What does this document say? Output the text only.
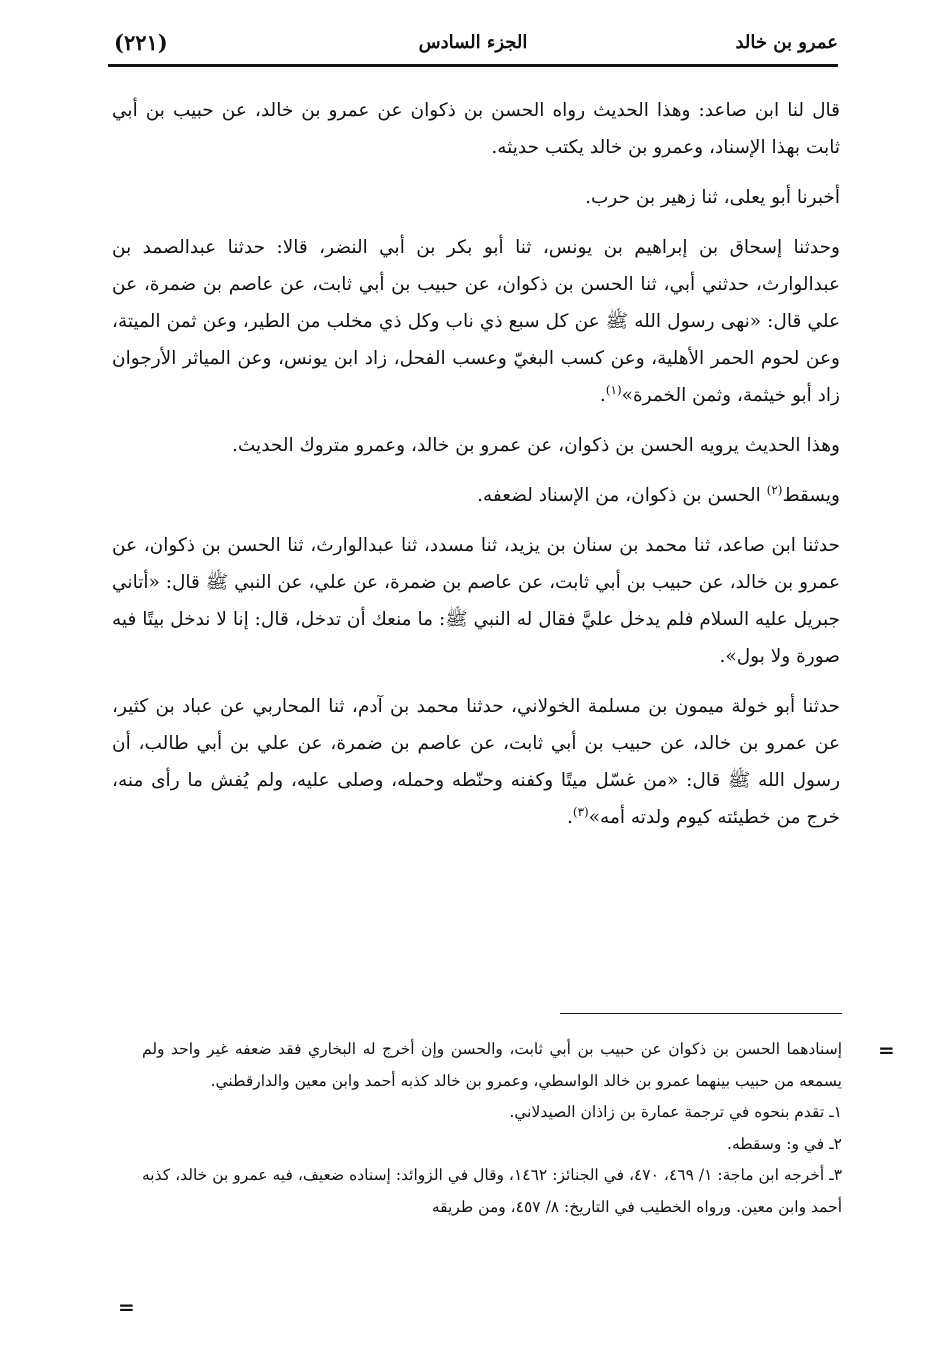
عمرو بن خالد
الجزء السادس
(٢٢١)

قال لنا ابن صاعد: وهذا الحديث رواه الحسن بن ذكوان عن عمرو بن خالد، عن حبيب بن أبي ثابت بهذا الإسناد، وعمرو بن خالد يكتب حديثه.

أخبرنا أبو يعلى، ثنا زهير بن حرب.

وحدثنا إسحاق بن إبراهيم بن يونس، ثنا أبو بكر بن أبي النضر، قالا: حدثنا عبدالصمد بن عبدالوارث، حدثني أبي، ثنا الحسن بن ذكوان، عن حبيب بن أبي ثابت، عن عاصم بن ضمرة، عن علي قال: «نهى رسول الله ﷺ عن كل سبع ذي ناب وكل ذي مخلب من الطير، وعن ثمن الميتة، وعن لحوم الحمر الأهلية، وعن كسب البغيّ وعسب الفحل، زاد ابن يونس، وعن المياثر الأرجوان زاد أبو خيثمة، وثمن الخمرة»$^{(١)}$.

وهذا الحديث يرويه الحسن بن ذكوان، عن عمرو بن خالد، وعمرو متروك الحديث.

ويسقط$^{(٢)}$ الحسن بن ذكوان، من الإسناد لضعفه.

حدثنا ابن صاعد، ثنا محمد بن سنان بن يزيد، ثنا مسدد، ثنا عبدالوارث، ثنا الحسن بن ذكوان، عن عمرو بن خالد، عن حبيب بن أبي ثابت، عن عاصم بن ضمرة، عن علي، عن النبي ﷺ قال: «أتاني جبريل عليه السلام فلم يدخل عليَّ فقال له النبي ﷺ: ما منعك أن تدخل، قال: إنا لا ندخل بيتًا فيه صورة ولا بول».

حدثنا أبو خولة ميمون بن مسلمة الخولاني، حدثنا محمد بن آدم، ثنا المحاربي عن عباد بن كثير، عن عمرو بن خالد، عن حبيب بن أبي ثابت، عن عاصم بن ضمرة، عن علي بن أبي طالب، أن رسول الله ﷺ قال: «من غسّل ميتًا وكفنه وحنّطه وحمله، وصلى عليه، ولم يُفش ما رأى منه، خرج من خطيئته كيوم ولدته أمه»$^{(٣)}$.

=

إسنادهما الحسن بن ذكوان عن حبيب بن أبي ثابت، والحسن وإن أخرج له البخاري فقد ضعفه غير واحد ولم يسمعه من حبيب بينهما عمرو بن خالد الواسطي، وعمرو بن خالد كذبه أحمد وابن معين والدارقطني.

١ـ تقدم بنحوه في ترجمة عمارة بن زاذان الصيدلاني.

٢ـ في و: وسقطه.

٣ـ أخرجه ابن ماجة: ١/ ٤٦٩، ٤٧٠، في الجنائز: ١٤٦٢، وقال في الزوائد: إسناده ضعيف، فيه عمرو بن خالد، كذبه أحمد وابن معين. ورواه الخطيب في التاريخ: ٨/ ٤٥٧، ومن طريقه

=
